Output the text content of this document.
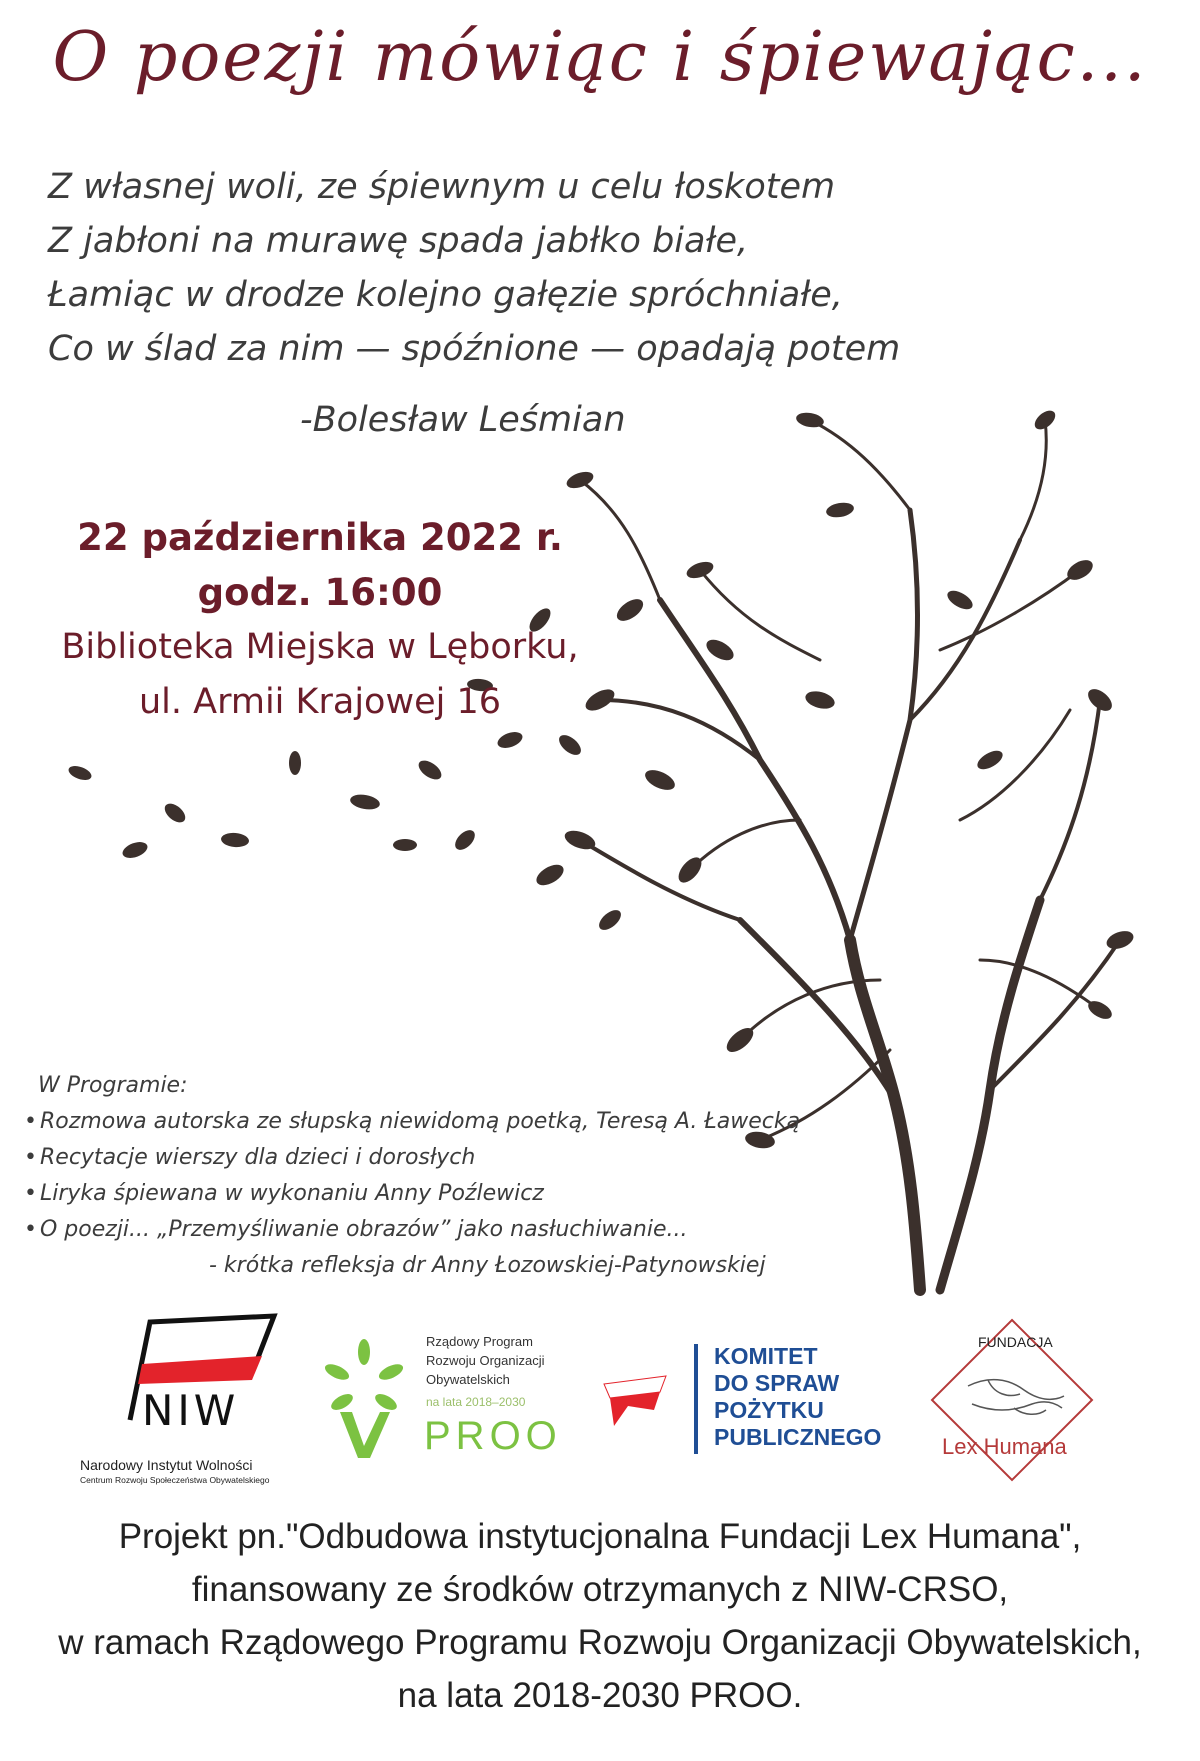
O poezji mówiąc i śpiewając...
Z własnej woli, ze śpiewnym u celu łoskotem
Z jabłoni na murawę spada jabłko białe,
Łamiąc w drodze kolejno gałęzie spróchniałe,
Co w ślad za nim — spóźnione — opadają potem
-Bolesław Leśmian
22 października 2022 r.
godz. 16:00
Biblioteka Miejska w Lęborku,
ul. Armii Krajowej 16
W Programie:
• Rozmowa autorska ze słupską niewidomą poetką, Teresą A. Ławecką
• Recytacje wierszy dla dzieci i dorosłych
• Liryka śpiewana w wykonaniu Anny Poźlewicz
• O poezji... „Przemyśliwanie obrazów” jako nasłuchiwanie...
- krótka refleksja dr Anny Łozowskiej-Patynowskiej
NIW
Narodowy Instytut Wolności
Centrum Rozwoju Społeczeństwa Obywatelskiego
Rządowy Program
Rozwoju Organizacji
Obywatelskich
na lata 2018–2030
PROO
KOMITET
DO SPRAW
POŻYTKU
PUBLICZNEGO
FUNDACJA
Lex Humana
Projekt pn."Odbudowa instytucjonalna Fundacji Lex Humana",
finansowany ze środków otrzymanych z NIW-CRSO,
w ramach Rządowego Programu Rozwoju Organizacji Obywatelskich,
na lata 2018-2030 PROO.
